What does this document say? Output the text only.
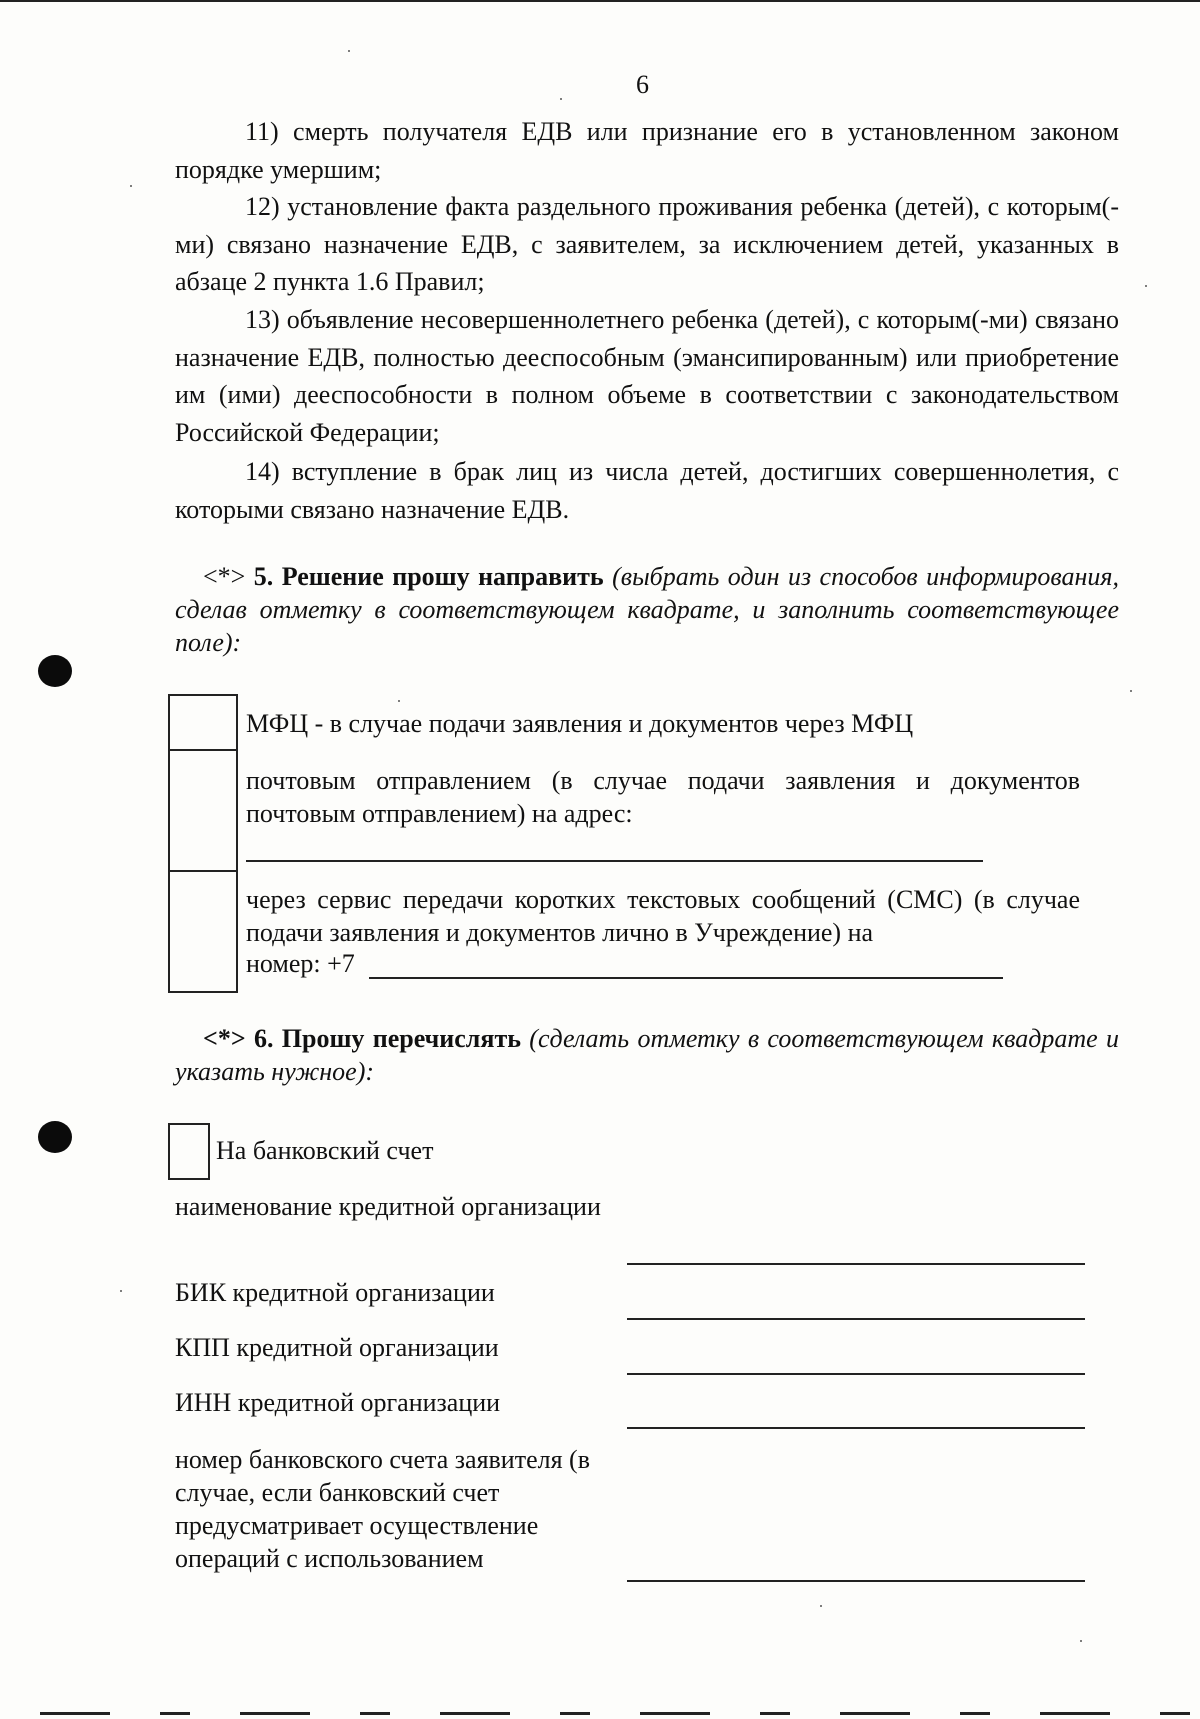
6
11) смерть получателя ЕДВ или признание его в установленном законом порядке умершим;
12) установление факта раздельного проживания ребенка (детей), с которым(-ми) связано назначение ЕДВ, с заявителем, за исключением детей, указанных в абзаце 2 пункта 1.6 Правил;
13) объявление несовершеннолетнего ребенка (детей), с которым(-ми) связано назначение ЕДВ, полностью дееспособным (эмансипированным) или приобретение им (ими) дееспособности в полном объеме в соответствии с законодательством Российской Федерации;
14) вступление в брак лиц из числа детей, достигших совершеннолетия, с которыми связано назначение ЕДВ.
<*> 5. Решение прошу направить (выбрать один из способов информирования, сделав отметку в соответствующем квадрате, и заполнить соответствующее поле):
МФЦ - в случае подачи заявления и документов через МФЦ
почтовым отправлением (в случае подачи заявления и документов почтовым отправлением) на адрес:
через сервис передачи коротких текстовых сообщений (СМС) (в случае подачи заявления и документов лично в Учреждение) на
номер: +7
<*> 6. Прошу перечислять (сделать отметку в соответствующем квадрате и указать нужное):
На банковский счет
наименование кредитной организации
БИК кредитной организации
КПП кредитной организации
ИНН кредитной организации
номер банковского счета заявителя (в случае, если банковский счет предусматривает осуществление операций с использованием
